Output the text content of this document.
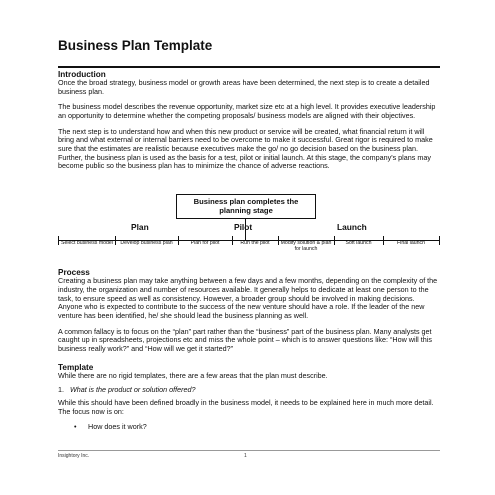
Business Plan Template
Introduction

Once the broad strategy, business model or growth areas have been determined, the next step is to create a detailed business plan.

The business model describes the revenue opportunity, market size etc at a high level. It provides executive leadership an opportunity to determine whether the competing proposals/ business models are aligned with their objectives.

The next step is to understand how and when this new product or service will be created, what financial return it will bring and what external or internal barriers need to be overcome to make it successful. Great rigor is required to make sure that the estimates are realistic because executives make the go/ no go decision based on the business plan. Further, the business plan is used as the basis for a test, pilot or initial launch. At this stage, the company's plans may become public so the business plan has to minimize the chance of adverse reactions.

Business plan completes the planning stage
Plan	Pilot	Launch
Select business model	Develop business plan	Plan for pilot	Run the pilot	Modify solution & plan for launch
Soft launch	Final launch
Process

Creating a business plan may take anything between a few days and a few months, depending on the complexity of the industry, the organization and number of resources available. It generally helps to dedicate at least one person to the task, to ensure speed as well as consistency. However, a broader group should be involved in making decisions. Anyone who is expected to contribute to the success of the new venture should have a role. If the leader of the new venture has been identified, he/ she should lead the business planning as well.

A common fallacy is to focus on the “plan” part rather than the “business” part of the business plan. Many analysts get caught up in spreadsheets, projections etc and miss the whole point – which is to answer questions like: “How will this business really work?” and “How will we get it started?”

Template

While there are no rigid templates, there are a few areas that the plan must describe.

1. What is the product or solution offered?

While this should have been defined broadly in the business model, it needs to be explained here in much more detail. The focus now is on:

• How does it work?

Insightory Inc.	1
